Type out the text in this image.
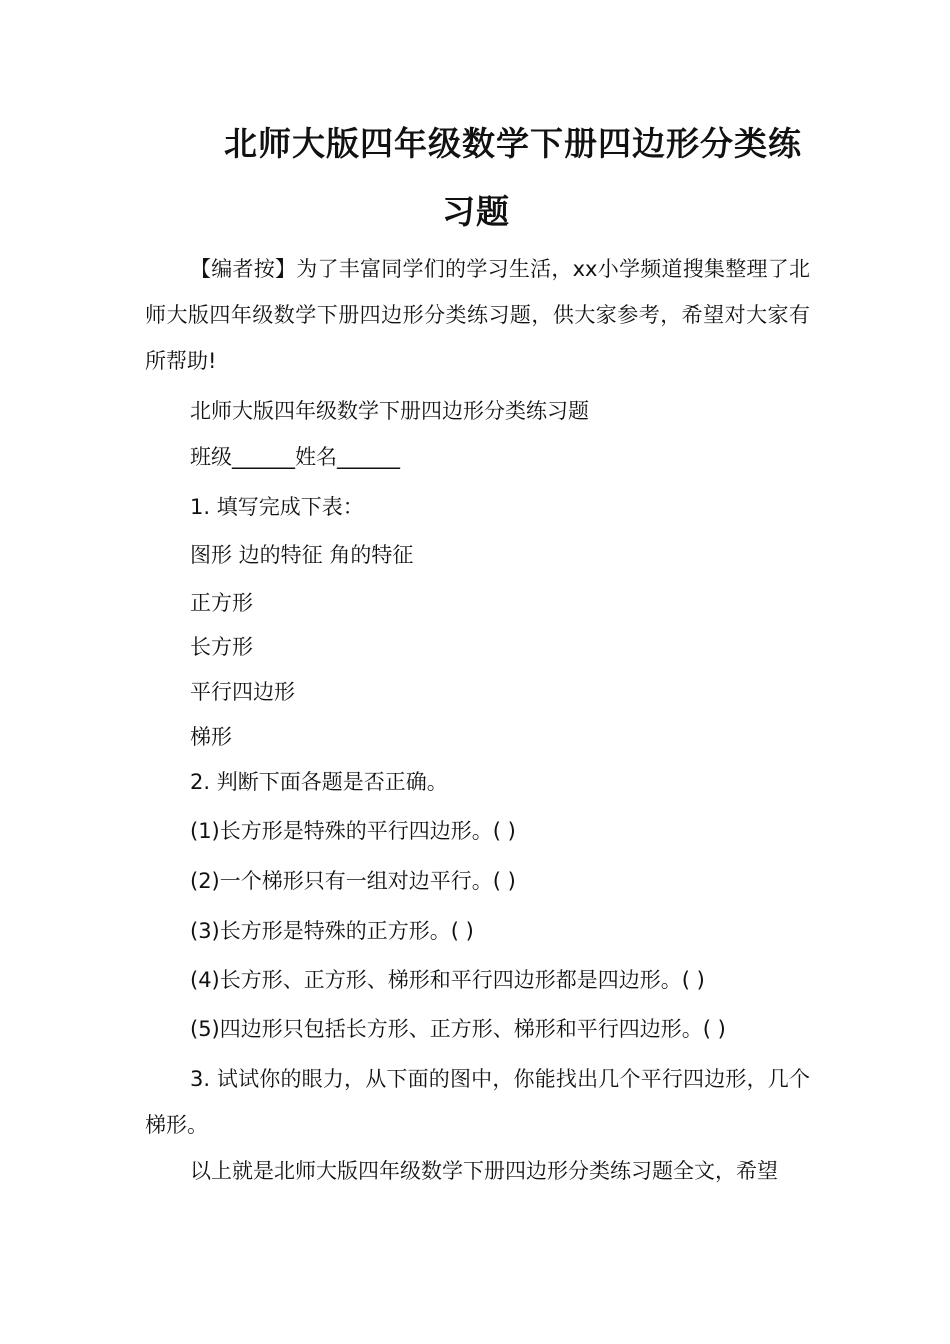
北师大版四年级数学下册四边形分类练
习题
【编者按】为了丰富同学们的学习生活，xx小学频道搜集整理了北师大版四年级数学下册四边形分类练习题，供大家参考，希望对大家有所帮助!
北师大版四年级数学下册四边形分类练习题
班级______姓名______
1. 填写完成下表：
图形 边的特征 角的特征
正方形
长方形
平行四边形
梯形
2. 判断下面各题是否正确。
(1)长方形是特殊的平行四边形。( )
(2)一个梯形只有一组对边平行。( )
(3)长方形是特殊的正方形。( )
(4)长方形、正方形、梯形和平行四边形都是四边形。( )
(5)四边形只包括长方形、正方形、梯形和平行四边形。( )
3. 试试你的眼力，从下面的图中，你能找出几个平行四边形，几个梯形。
以上就是北师大版四年级数学下册四边形分类练习题全文，希望
